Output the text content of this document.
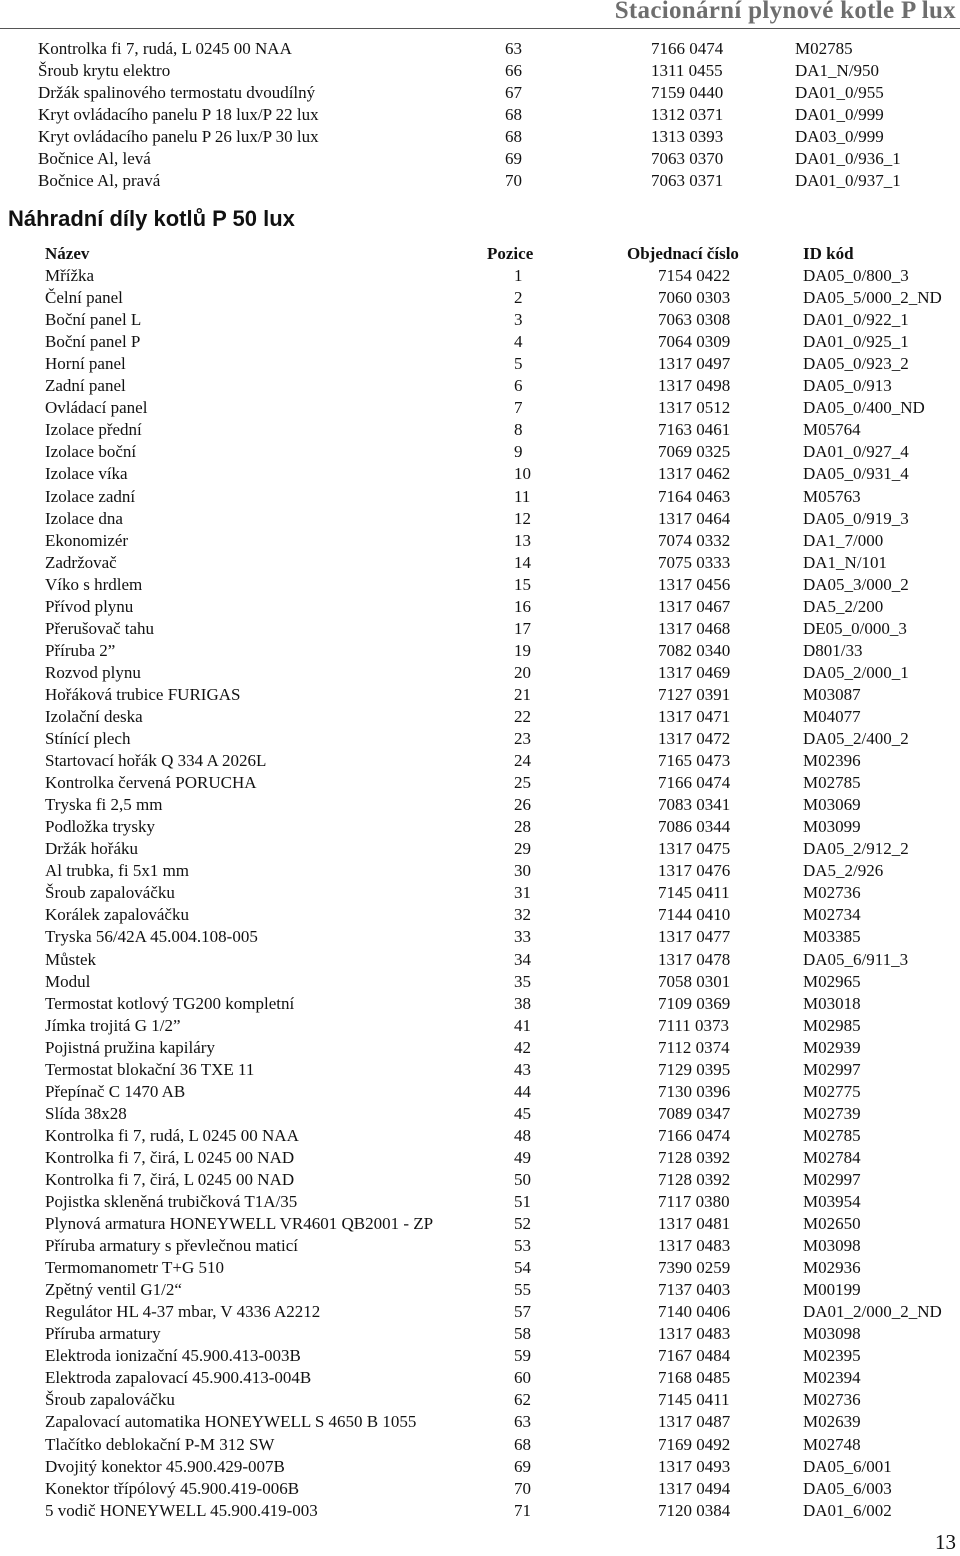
Stacionární plynové kotle P lux
Kontrolka fi 7, rudá, L 0245 00 NAA	63	7166 0474	M02785
Šroub krytu elektro	66	1311 0455	DA1_N/950
Držák spalinového termostatu dvoudílný	67	7159 0440	DA01_0/955
Kryt ovládacího panelu P 18 lux/P 22 lux	68	1312 0371	DA01_0/999
Kryt ovládacího panelu P 26 lux/P 30 lux	68	1313 0393	DA03_0/999
Bočnice Al, levá	69	7063 0370	DA01_0/936_1
Bočnice Al, pravá	70	7063 0371	DA01_0/937_1
Náhradní díly kotlů P 50 lux
Název	Pozice	Objednací číslo	ID kód
Mřížka	1	7154 0422	DA05_0/800_3
Čelní panel	2	7060 0303	DA05_5/000_2_ND
Boční panel L	3	7063 0308	DA01_0/922_1
Boční panel P	4	7064 0309	DA01_0/925_1
Horní panel	5	1317 0497	DA05_0/923_2
Zadní panel	6	1317 0498	DA05_0/913
Ovládací panel	7	1317 0512	DA05_0/400_ND
Izolace přední	8	7163 0461	M05764
Izolace boční	9	7069 0325	DA01_0/927_4
Izolace víka	10	1317 0462	DA05_0/931_4
Izolace zadní	11	7164 0463	M05763
Izolace dna	12	1317 0464	DA05_0/919_3
Ekonomizér	13	7074 0332	DA1_7/000
Zadržovač	14	7075 0333	DA1_N/101
Víko s hrdlem	15	1317 0456	DA05_3/000_2
Přívod plynu	16	1317 0467	DA5_2/200
Přerušovač tahu	17	1317 0468	DE05_0/000_3
Příruba 2”	19	7082 0340	D801/33
Rozvod plynu	20	1317 0469	DA05_2/000_1
Hořáková trubice FURIGAS	21	7127 0391	M03087
Izolační deska	22	1317 0471	M04077
Stínící plech	23	1317 0472	DA05_2/400_2
Startovací hořák Q 334 A 2026L	24	7165 0473	M02396
Kontrolka červená PORUCHA	25	7166 0474	M02785
Tryska fi 2,5 mm	26	7083 0341	M03069
Podložka trysky	28	7086 0344	M03099
Držák hořáku	29	1317 0475	DA05_2/912_2
Al trubka, fi 5x1 mm	30	1317 0476	DA5_2/926
Šroub zapalováčku	31	7145 0411	M02736
Korálek zapalováčku	32	7144 0410	M02734
Tryska 56/42A 45.004.108-005	33	1317 0477	M03385
Můstek	34	1317 0478	DA05_6/911_3
Modul	35	7058 0301	M02965
Termostat kotlový TG200 kompletní	38	7109 0369	M03018
Jímka trojitá G 1/2”	41	7111 0373	M02985
Pojistná pružina kapiláry	42	7112 0374	M02939
Termostat blokační 36 TXE 11	43	7129 0395	M02997
Přepínač C 1470 AB	44	7130 0396	M02775
Slída 38x28	45	7089 0347	M02739
Kontrolka fi 7, rudá, L 0245 00 NAA	48	7166 0474	M02785
Kontrolka fi 7, čirá, L 0245 00 NAD	49	7128 0392	M02784
Kontrolka fi 7, čirá, L 0245 00 NAD	50	7128 0392	M02997
Pojistka skleněná trubičková T1A/35	51	7117 0380	M03954
Plynová armatura HONEYWELL VR4601 QB2001 - ZP	52	1317 0481	M02650
Příruba armatury s převlečnou maticí	53	1317 0483	M03098
Termomanometr T+G 510	54	7390 0259	M02936
Zpětný ventil G1/2“	55	7137 0403	M00199
Regulátor HL 4-37 mbar, V 4336 A2212	57	7140 0406	DA01_2/000_2_ND
Příruba armatury	58	1317 0483	M03098
Elektroda ionizační 45.900.413-003B	59	7167 0484	M02395
Elektroda zapalovací 45.900.413-004B	60	7168 0485	M02394
Šroub zapalováčku	62	7145 0411	M02736
Zapalovací automatika HONEYWELL S 4650 B 1055	63	1317 0487	M02639
Tlačítko deblokační P-M 312 SW	68	7169 0492	M02748
Dvojitý konektor 45.900.429-007B	69	1317 0493	DA05_6/001
Konektor třípólový 45.900.419-006B	70	1317 0494	DA05_6/003
5 vodič HONEYWELL 45.900.419-003	71	7120 0384	DA01_6/002
13
